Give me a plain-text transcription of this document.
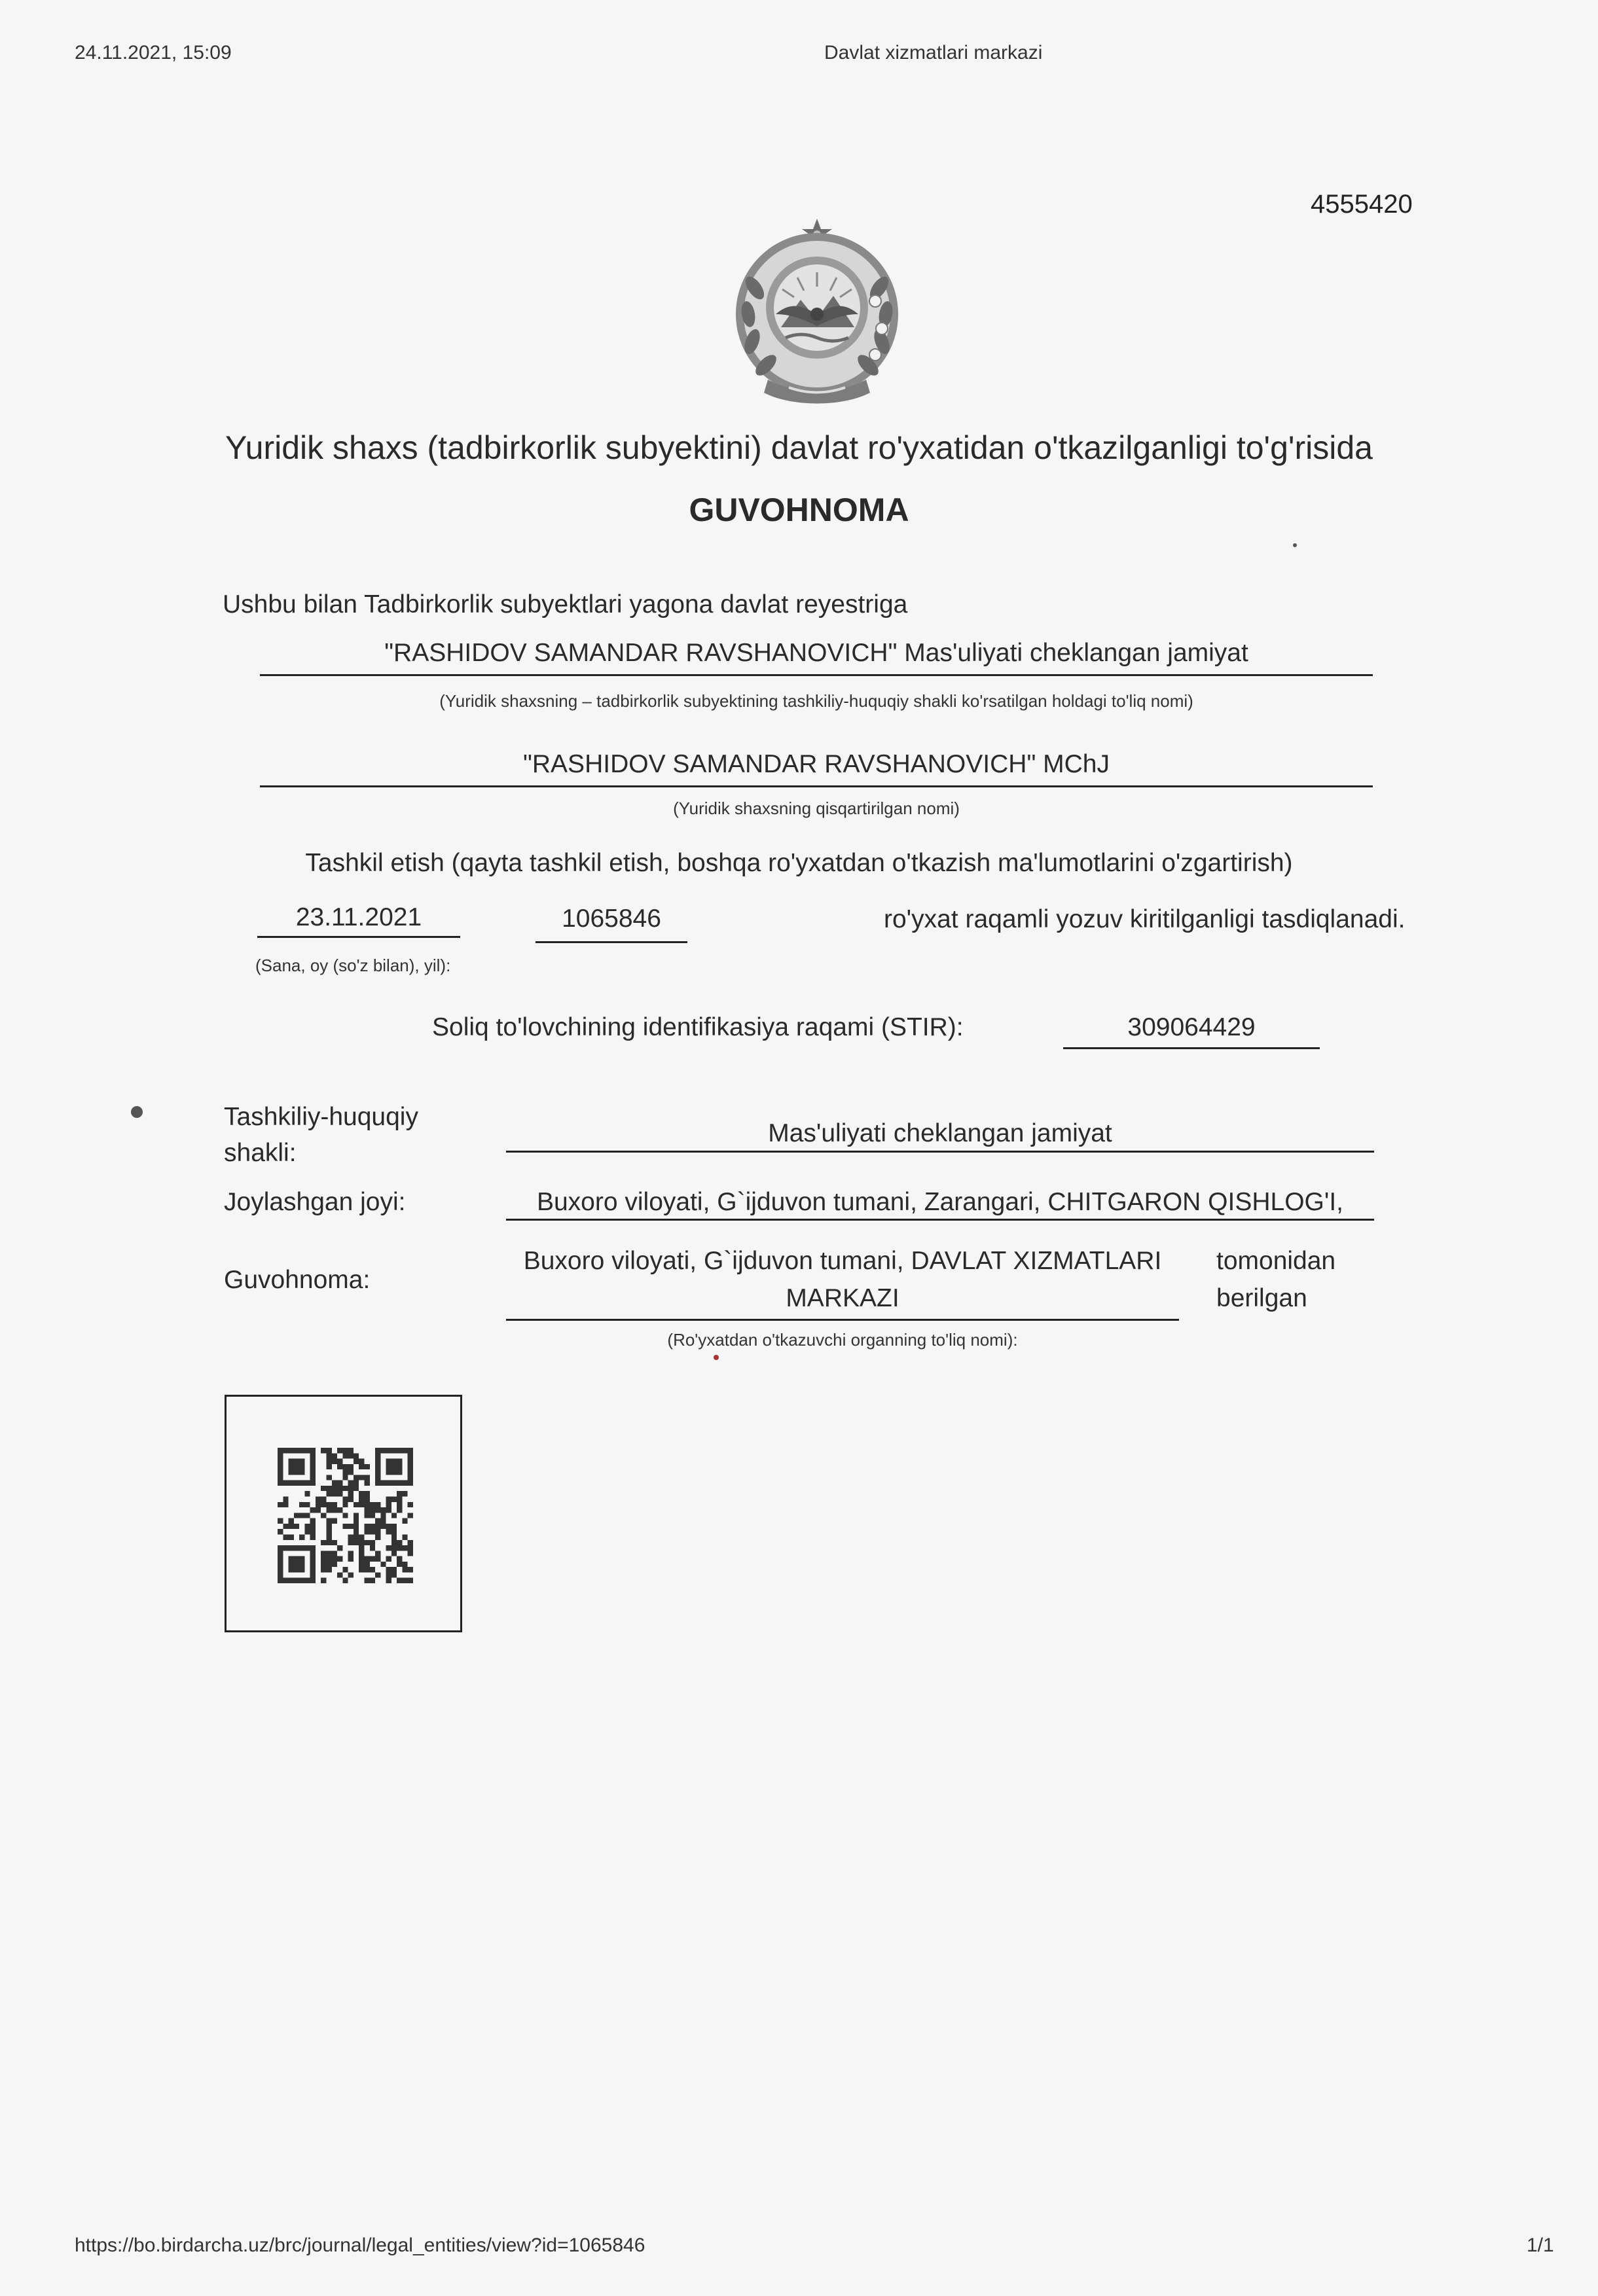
24.11.2021, 15:09	Davlat xizmatlari markazi
4555420
Yuridik shaxs (tadbirkorlik subyektini) davlat ro'yxatidan o'tkazilganligi to'g'risida
GUVOHNOMA
Ushbu bilan Tadbirkorlik subyektlari yagona davlat reyestriga
"RASHIDOV SAMANDAR RAVSHANOVICH" Mas'uliyati cheklangan jamiyat
(Yuridik shaxsning – tadbirkorlik subyektining tashkiliy-huquqiy shakli ko'rsatilgan holdagi to'liq nomi)
"RASHIDOV SAMANDAR RAVSHANOVICH" MChJ
(Yuridik shaxsning qisqartirilgan nomi)
Tashkil etish (qayta tashkil etish, boshqa ro'yxatdan o'tkazish ma'lumotlarini o'zgartirish)
23.11.2021	1065846	ro'yxat raqamli yozuv kiritilganligi tasdiqlanadi.
(Sana, oy (so'z bilan), yil):
Soliq to'lovchining identifikasiya raqami (STIR):	309064429
Tashkiliy-huquqiy
shakli:
Mas'uliyati cheklangan jamiyat
Joylashgan joyi:	Buxoro viloyati, G`ijduvon tumani, Zarangari, CHITGARON QISHLOG'I,
Guvohnoma:
Buxoro viloyati, G`ijduvon tumani, DAVLAT XIZMATLARI
MARKAZI
tomonidan
berilgan
(Ro'yxatdan o'tkazuvchi organning to'liq nomi):
https://bo.birdarcha.uz/brc/journal/legal_entities/view?id=1065846	1/1
